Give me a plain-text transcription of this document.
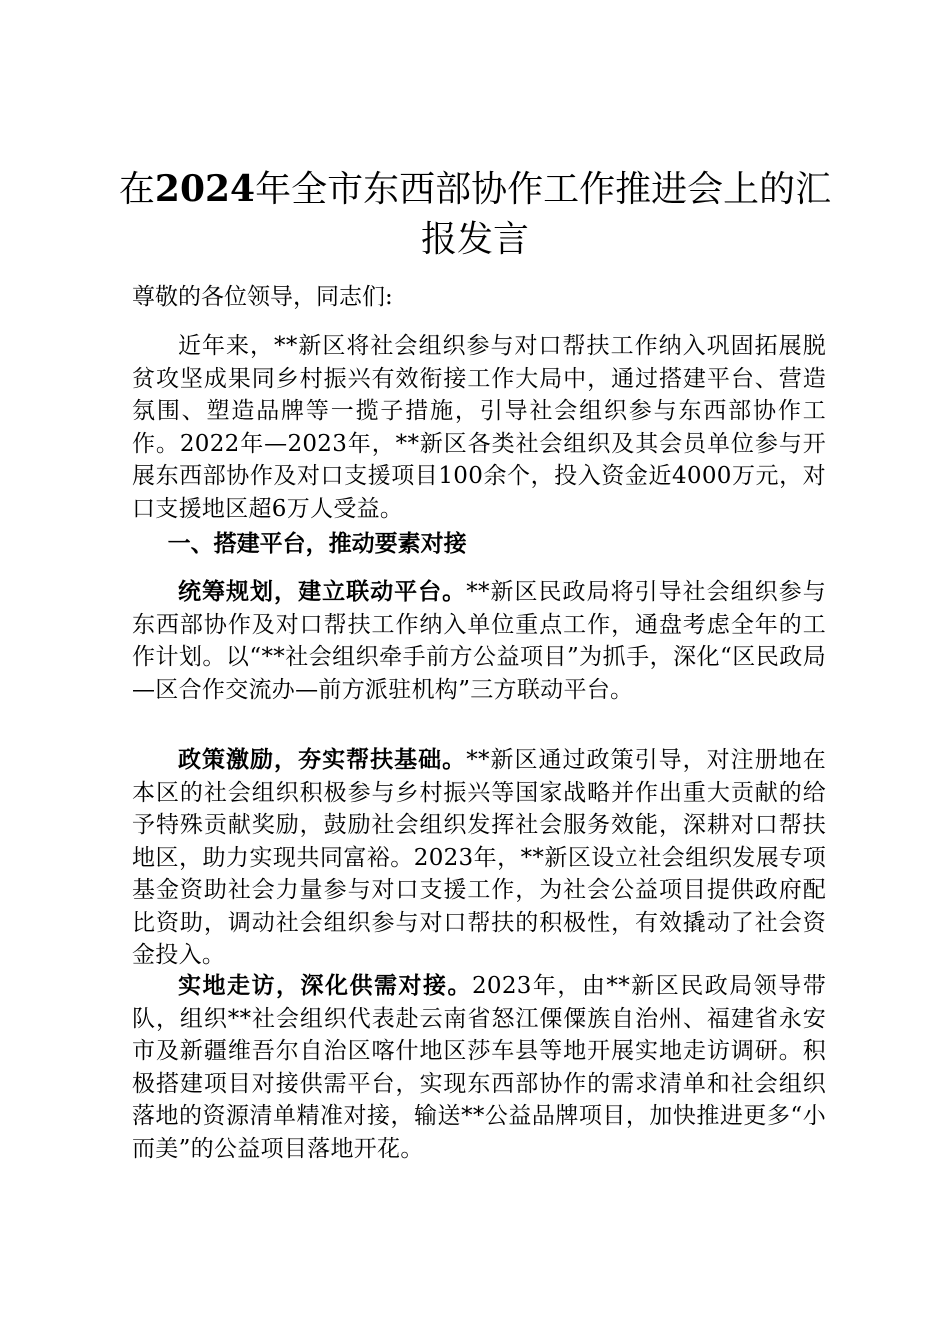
在2024年全市东西部协作工作推进会上的汇
报发言
尊敬的各位领导，同志们:
近年来，**新区将社会组织参与对口帮扶工作纳入巩固拓展脱贫攻坚成果同乡村振兴有效衔接工作大局中，通过搭建平台、营造氛围、塑造品牌等一揽子措施，引导社会组织参与东西部协作工作。2022年—2023年，**新区各类社会组织及其会员单位参与开展东西部协作及对口支援项目100余个，投入资金近4000万元，对口支援地区超6万人受益。
一、搭建平台，推动要素对接
统筹规划，建立联动平台。**新区民政局将引导社会组织参与东西部协作及对口帮扶工作纳入单位重点工作，通盘考虑全年的工作计划。以“**社会组织牵手前方公益项目”为抓手，深化“区民政局—区合作交流办—前方派驻机构”三方联动平台。
政策激励，夯实帮扶基础。**新区通过政策引导，对注册地在本区的社会组织积极参与乡村振兴等国家战略并作出重大贡献的给予特殊贡献奖励，鼓励社会组织发挥社会服务效能，深耕对口帮扶地区，助力实现共同富裕。2023年，**新区设立社会组织发展专项基金资助社会力量参与对口支援工作，为社会公益项目提供政府配比资助，调动社会组织参与对口帮扶的积极性，有效撬动了社会资金投入。
实地走访，深化供需对接。2023年，由**新区民政局领导带队，组织**社会组织代表赴云南省怒江傈僳族自治州、福建省永安市及新疆维吾尔自治区喀什地区莎车县等地开展实地走访调研。积极搭建项目对接供需平台，实现东西部协作的需求清单和社会组织落地的资源清单精准对接，输送**公益品牌项目，加快推进更多“小而美”的公益项目落地开花。
